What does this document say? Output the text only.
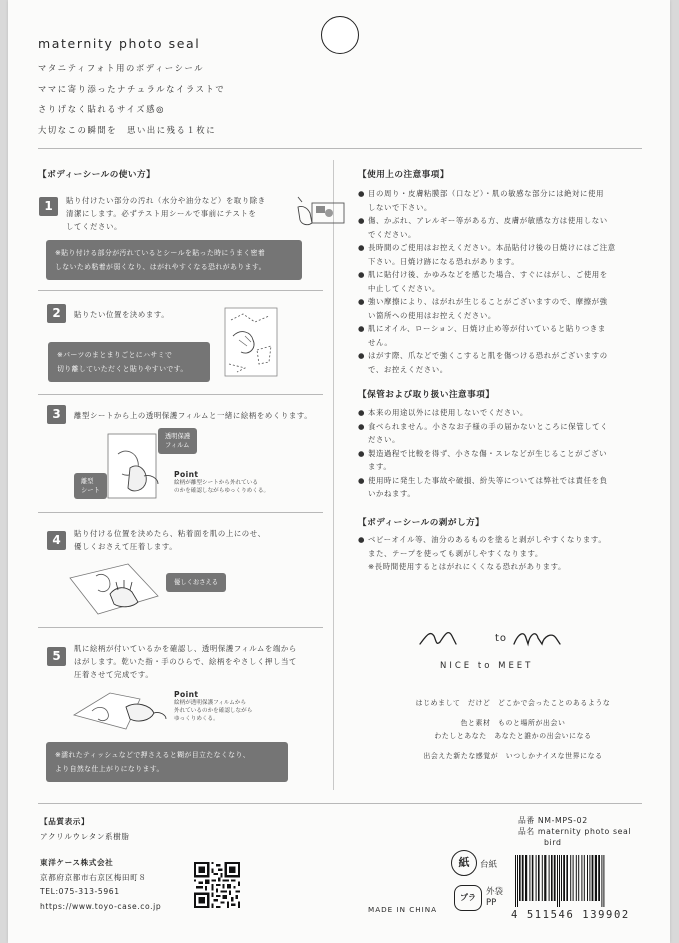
maternity photo seal
マタニティフォト用のボディーシール
ママに寄り添ったナチュラルなイラストで
さりげなく貼れるサイズ感◎
大切なこの瞬間を　思い出に残る１枚に
【ボディーシールの使い方】
1	貼り付けたい部分の汚れ（水分や油分など）を取り除き
清潔にします。必ずテスト用シールで事前にテストを
してください。
※貼り付ける部分が汚れているとシールを貼った時にうまく密着
しないため粘着が弱くなり、はがれやすくなる恐れがあります。
2	貼りたい位置を決めます。
※パーツのまとまりごとにハサミで
切り離していただくと貼りやすいです。
3	離型シートから上の透明保護フィルムと一緒に絵柄をめくります。
透明保護
フィルム
離型
シート
Point
絵柄が離型シートから外れている
のかを確認しながらゆっくりめくる。
4	貼り付ける位置を決めたら、粘着面を肌の上にのせ、
優しくおさえて圧着します。
優しくおさえる
5
肌に絵柄が付いているかを確認し、透明保護フィルムを端から
はがします。乾いた指・手のひらで、絵柄をやさしく押し当て
圧着させて完成です。
Point
絵柄が透明保護フィルムから
外れているのかを確認しながら
ゆっくりめくる。
※濡れたティッシュなどで押さえると糊が目立たなくなり、
より自然な仕上がりになります。
【使用上の注意事項】
● 目の周り・皮膚粘膜部（口など）・肌の敏感な部分には絶対に使用
しないで下さい。
● 傷、かぶれ、アレルギー等がある方、皮膚が敏感な方は使用しない
でください。
● 長時間のご使用はお控えください。本品貼付け後の日焼けにはご注意
下さい。日焼け跡になる恐れがあります。
● 肌に貼付け後、かゆみなどを感じた場合、すぐにはがし、ご使用を
中止してください。
● 強い摩擦により、はがれが生じることがございますので、摩擦が強
い箇所への使用はお控えください。
● 肌にオイル、ローション、日焼け止め等が付いていると貼りつきま
せん。
● はがす際、爪などで強くこすると肌を傷つける恐れがございますの
で、お控えください。
【保管および取り扱い注意事項】
● 本来の用途以外には使用しないでください。
● 食べられません。小さなお子様の手の届かないところに保管してく
ださい。
● 製造過程で比較を得ず、小さな傷・スレなどが生じることがござい
ます。
● 使用時に発生した事故や破損、紛失等については弊社では責任を負
いかねます。
【ボディーシールの剥がし方】
● ベビーオイル等、油分のあるものを塗ると剥がしやすくなります。
また、テープを使っても剥がしやすくなります。
※長時間使用するとはがれにくくなる恐れがあります。
to
NICE to MEET
はじめまして　だけど　どこかで会ったことのあるような
色と素材　ものと場所が出会い
わたしとあなた　あなたと誰かの出会いになる
出会えた新たな感覚が　いつしかナイスな世界になる
【品質表示】
アクリルウレタン系樹脂
東洋ケース株式会社
京都府京都市右京区梅田町８
TEL:075-313-5961
https://www.toyo-case.co.jp
品番 NM-MPS-02
品名 maternity photo seal
bird
紙	台紙
プラ
外袋
PP
MADE IN CHINA	4 511546 139902
